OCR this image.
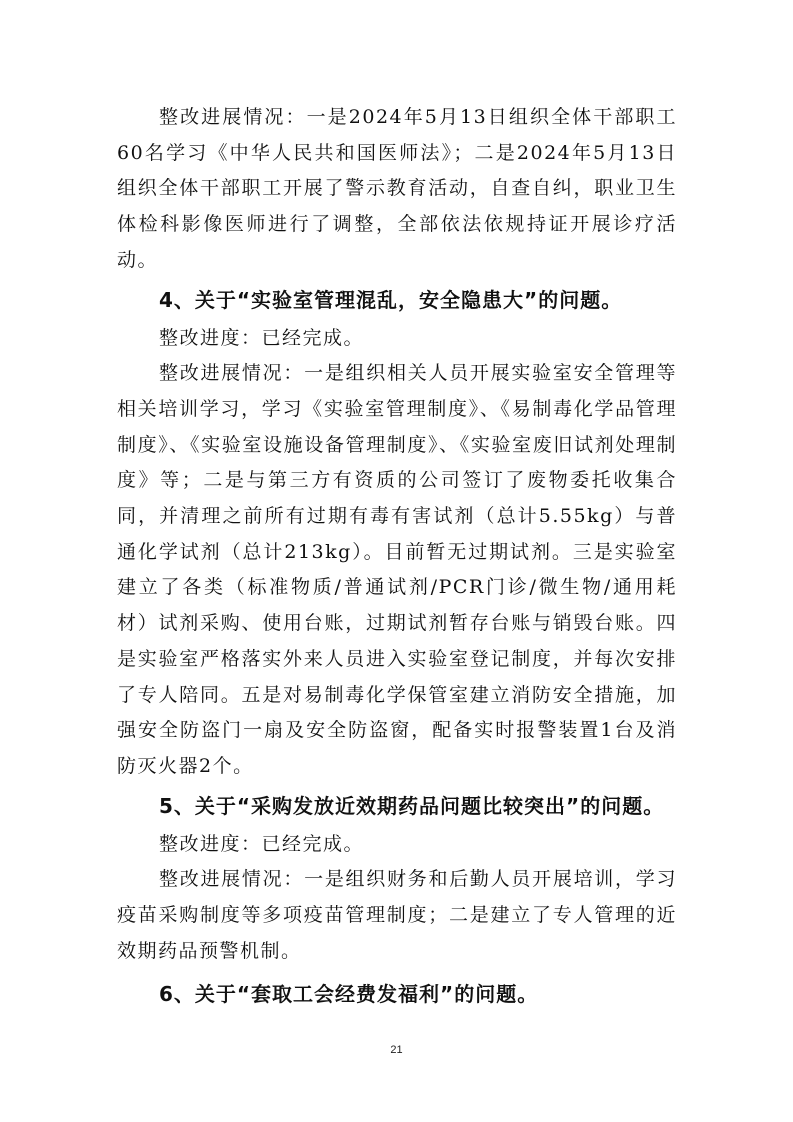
整改进展情况：一是2024年5月13日组织全体干部职工60名学习《中华人民共和国医师法》；二是2024年5月13日组织全体干部职工开展了警示教育活动，自查自纠，职业卫生体检科影像医师进行了调整，全部依法依规持证开展诊疗活动。

4、关于“实验室管理混乱，安全隐患大”的问题。

整改进度：已经完成。

整改进展情况：一是组织相关人员开展实验室安全管理等相关培训学习，学习《实验室管理制度》、《易制毒化学品管理制度》、《实验室设施设备管理制度》、《实验室废旧试剂处理制度》等；二是与第三方有资质的公司签订了废物委托收集合同，并清理之前所有过期有毒有害试剂（总计5.55kg）与普通化学试剂（总计213kg）。目前暂无过期试剂。三是实验室建立了各类（标准物质/普通试剂/PCR门诊/微生物/通用耗材）试剂采购、使用台账，过期试剂暂存台账与销毁台账。四是实验室严格落实外来人员进入实验室登记制度，并每次安排了专人陪同。五是对易制毒化学保管室建立消防安全措施，加强安全防盗门一扇及安全防盗窗，配备实时报警装置1台及消防灭火器2个。

5、关于“采购发放近效期药品问题比较突出”的问题。

整改进度：已经完成。

整改进展情况：一是组织财务和后勤人员开展培训，学习疫苗采购制度等多项疫苗管理制度；二是建立了专人管理的近效期药品预警机制。

6、关于“套取工会经费发福利”的问题。

21
